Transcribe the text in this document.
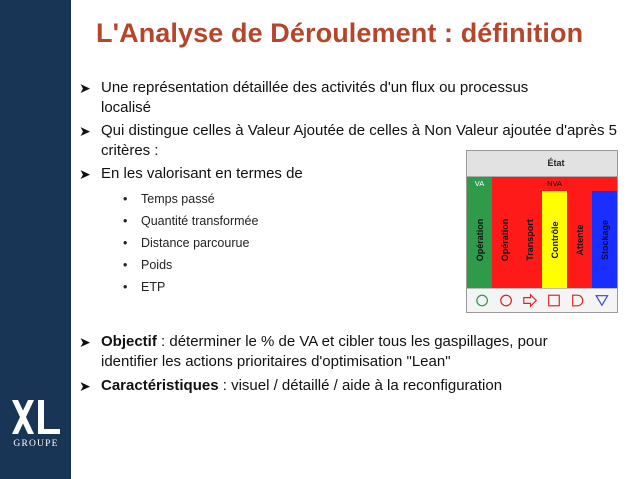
GROUPE
L'Analyse de Déroulement : définition
➤ Une représentation détaillée des activités d'un flux ou processus localisé
➤ Qui distingue celles à Valeur Ajoutée de celles à Non Valeur ajoutée d'après 5 critères :
➤ En les valorisant en termes de
• Temps passé
• Quantité transformée
• Distance parcourue
• Poids
• ETP
➤ Objectif : déterminer le % de VA et cibler tous les gaspillages, pour
identifier les actions prioritaires d'optimisation "Lean"
➤ Caractéristiques : visuel / détaillé / aide à la reconfiguration
État
VA	NVA
Opération Opération Transport Contrôle Attente Stockage
